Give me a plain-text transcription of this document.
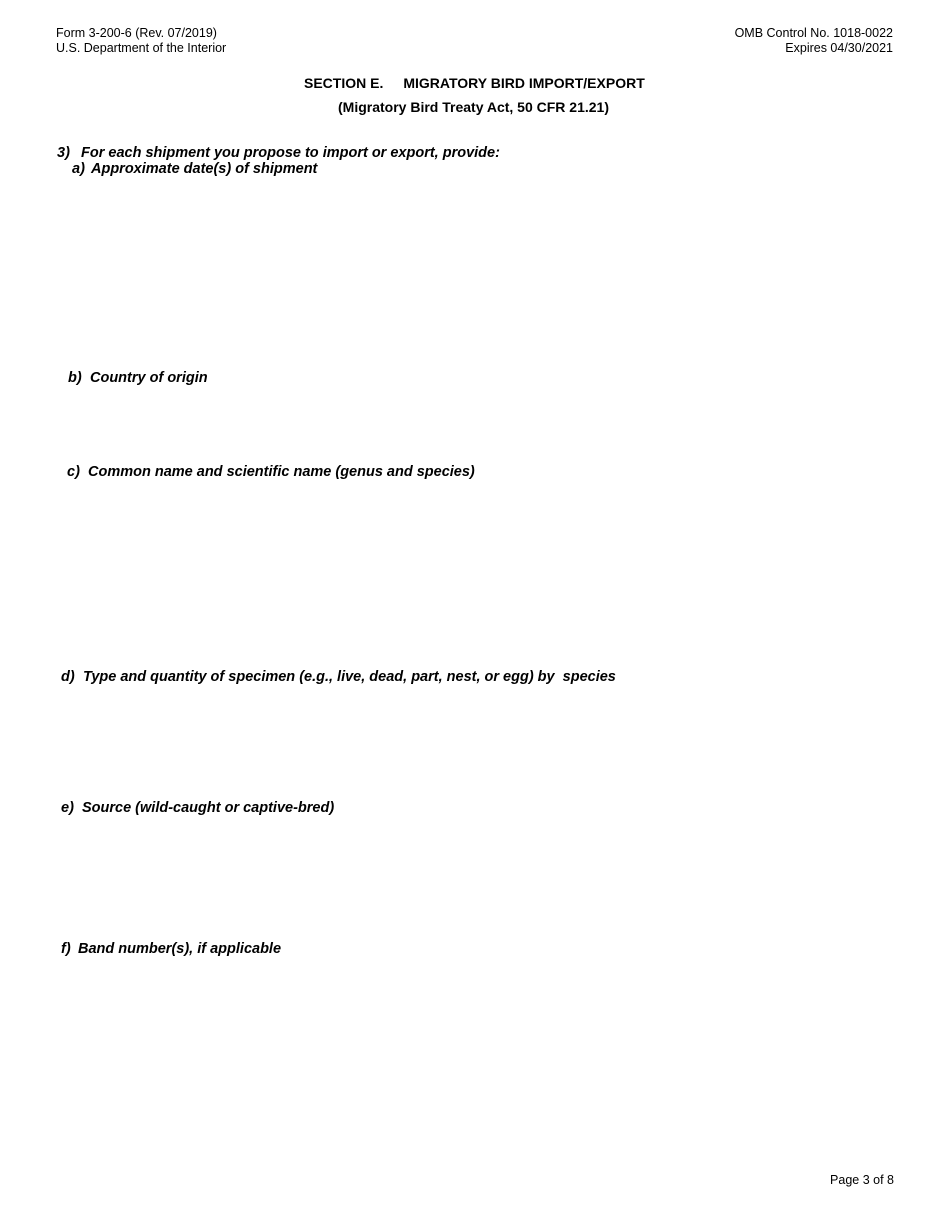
Form 3-200-6 (Rev. 07/2019)
U.S. Department of the Interior
OMB Control No. 1018-0022
Expires 04/30/2021
SECTION E. MIGRATORY BIRD IMPORT/EXPORT
(Migratory Bird Treaty Act, 50 CFR 21.21)
3) For each shipment you propose to import or export, provide:
a) Approximate date(s) of shipment
b) Country of origin
c) Common name and scientific name (genus and species)
d) Type and quantity of specimen (e.g., live, dead, part, nest, or egg) by  species
e) Source (wild-caught or captive-bred)
f) Band number(s), if applicable
Page 3 of 8
